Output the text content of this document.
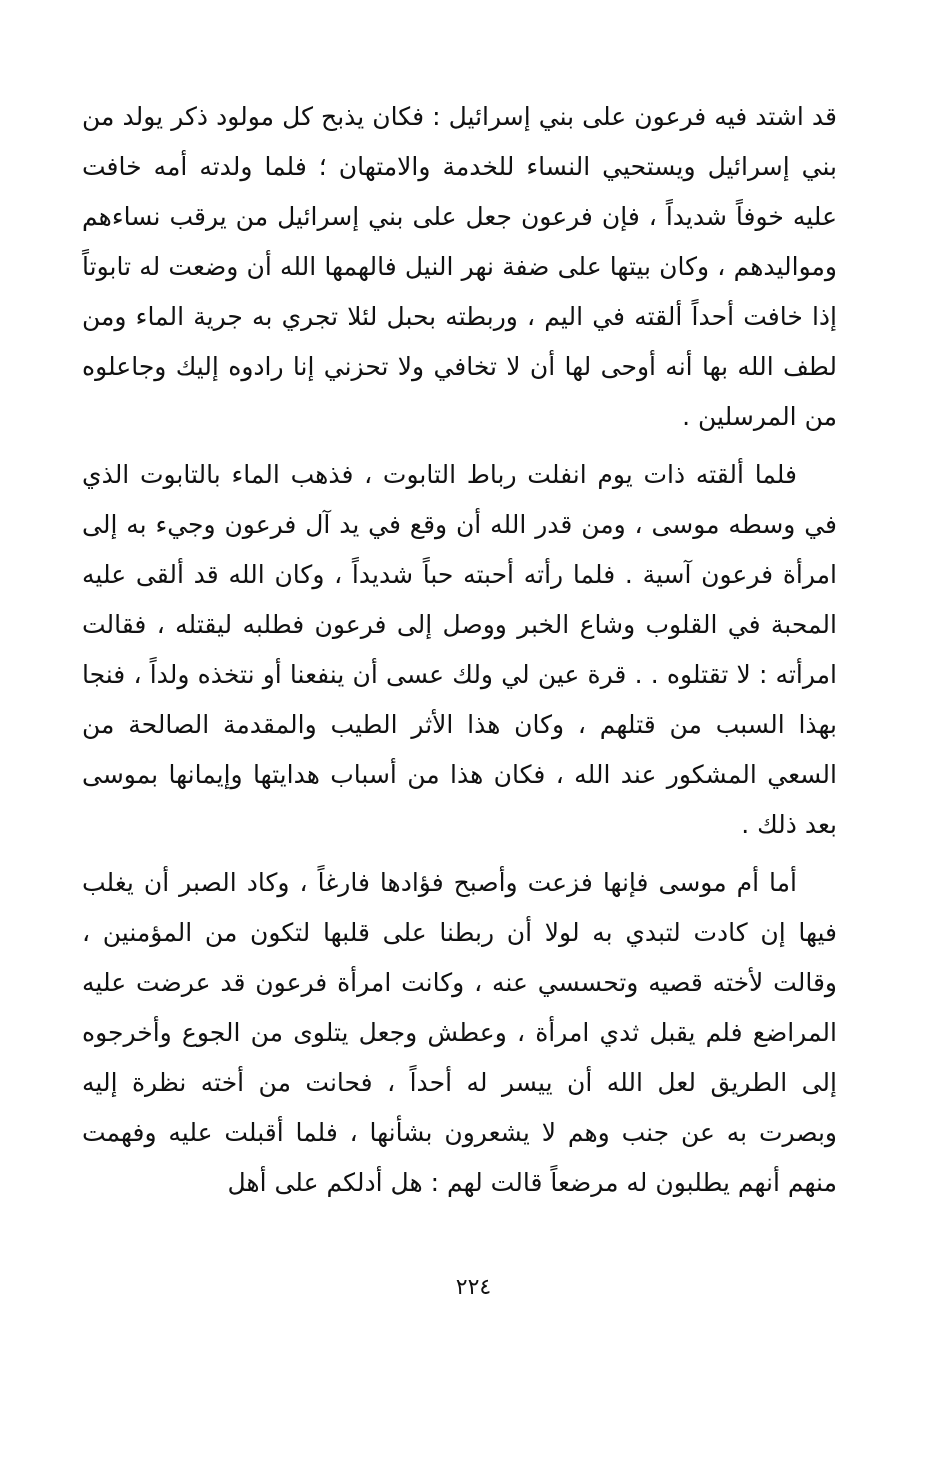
قد اشتد فيه فرعون على بني إسرائيل : فكان يذبح كل مولود ذكر يولد من بني إسرائيل ويستحيي النساء للخدمة والامتهان ؛ فلما ولدته أمه خافت عليه خوفاً شديداً ، فإن فرعون جعل على بني إسرائيل من يرقب نساءهم ومواليدهم ، وكان بيتها على ضفة نهر النيل فالهمها الله أن وضعت له تابوتاً إذا خافت أحداً ألقته في اليم ، وربطته بحبل لئلا تجري به جرية الماء ومن لطف الله بها أنه أوحى لها أن لا تخافي ولا تحزني إنا رادوه إليك وجاعلوه من المرسلين .

فلما ألقته ذات يوم انفلت رباط التابوت ، فذهب الماء بالتابوت الذي في وسطه موسى ، ومن قدر الله أن وقع في يد آل فرعون وجيء به إلى امرأة فرعون آسية . فلما رأته أحبته حباً شديداً ، وكان الله قد ألقى عليه المحبة في القلوب وشاع الخبر ووصل إلى فرعون فطلبه ليقتله ، فقالت امرأته : لا تقتلوه . . قرة عين لي ولك عسى أن ينفعنا أو نتخذه ولداً ، فنجا بهذا السبب من قتلهم ، وكان هذا الأثر الطيب والمقدمة الصالحة من السعي المشكور عند الله ، فكان هذا من أسباب هدايتها وإيمانها بموسى بعد ذلك .

أما أم موسى فإنها فزعت وأصبح فؤادها فارغاً ، وكاد الصبر أن يغلب فيها إن كادت لتبدي به لولا أن ربطنا على قلبها لتكون من المؤمنين ، وقالت لأخته قصيه وتحسسي عنه ، وكانت امرأة فرعون قد عرضت عليه المراضع فلم يقبل ثدي امرأة ، وعطش وجعل يتلوى من الجوع وأخرجوه إلى الطريق لعل الله أن ييسر له أحداً ، فحانت من أخته نظرة إليه وبصرت به عن جنب وهم لا يشعرون بشأنها ، فلما أقبلت عليه وفهمت منهم أنهم يطلبون له مرضعاً قالت لهم : هل أدلكم على أهل

٢٢٤
